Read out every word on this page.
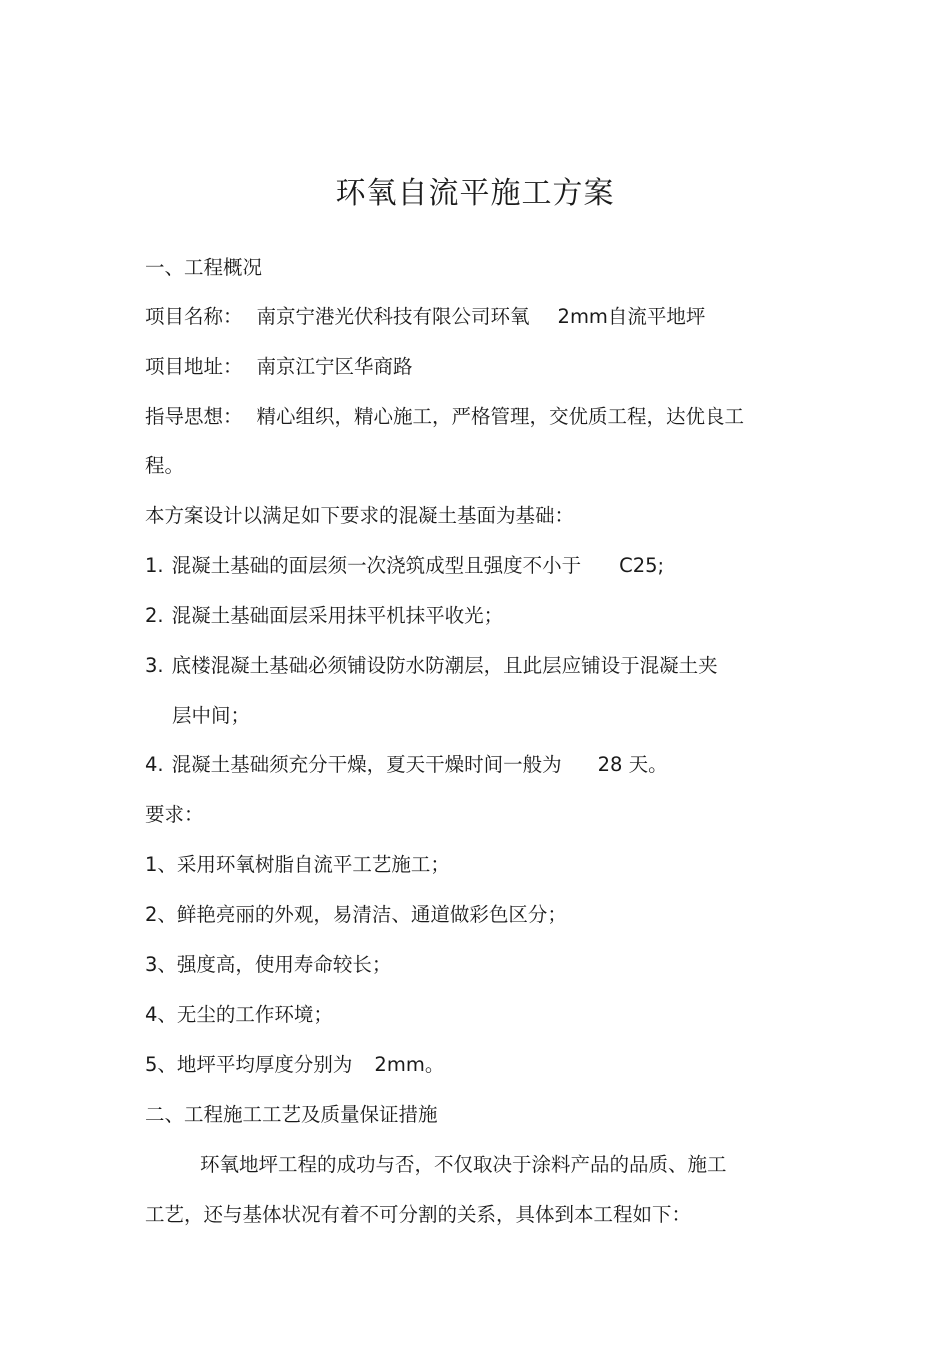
环氧自流平施工方案
一、工程概况
项目名称： 南京宁港光伏科技有限公司环氧 2mm自流平地坪
项目地址： 南京江宁区华商路
指导思想： 精心组织，精心施工，严格管理，交优质工程，达优良工
程。
本方案设计以满足如下要求的混凝土基面为基础：
1. 混凝土基础的面层须一次浇筑成型且强度不小于 C25;
2. 混凝土基础面层采用抹平机抹平收光；
3. 底楼混凝土基础必须铺设防水防潮层，且此层应铺设于混凝土夹
层中间；
4. 混凝土基础须充分干燥，夏天干燥时间一般为 28 天。
要求：
1、采用环氧树脂自流平工艺施工；
2、鲜艳亮丽的外观，易清洁、通道做彩色区分；
3、强度高，使用寿命较长；
4、无尘的工作环境；
5、地坪平均厚度分别为 2mm。
二、工程施工工艺及质量保证措施
环氧地坪工程的成功与否，不仅取决于涂料产品的品质、施工
工艺，还与基体状况有着不可分割的关系，具体到本工程如下：
